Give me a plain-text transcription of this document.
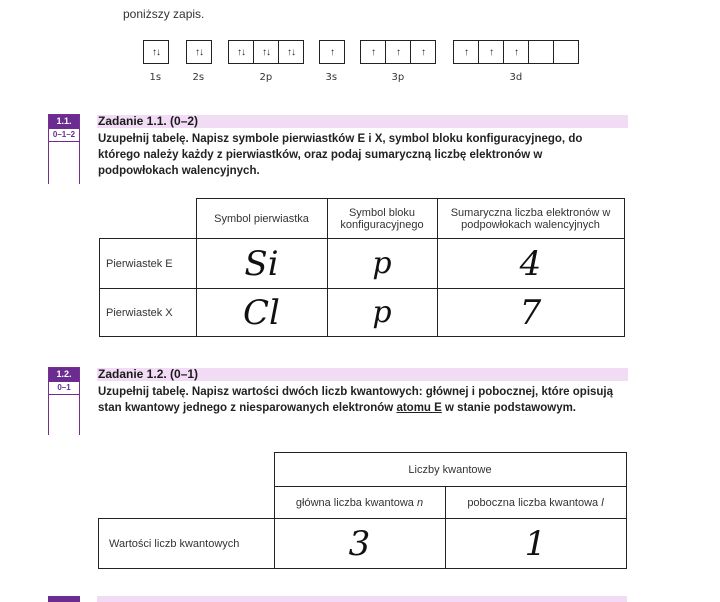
poniższy zapis.
↑↓
1s
↑↓
2s
↑↓	↑↓	↑↓
2p
↑
3s
↑	↑	↑
3p
↑	↑	↑
3d
1.1.
0–1–2
Zadanie 1.1. (0–2)
Uzupełnij tabelę. Napisz symbole pierwiastków E i X, symbol bloku konfiguracyjnego, do którego należy każdy z pierwiastków, oraz podaj sumaryczną liczbę elektronów w podpowłokach walencyjnych.
	Symbol pierwiastka	Symbol bloku konfiguracyjnego	Sumaryczna liczba elektronów w podpowłokach walencyjnych
Pierwiastek E	Si	p	4
Pierwiastek X	Cl	p	7
1.2.
0–1
Zadanie 1.2. (0–1)
Uzupełnij tabelę. Napisz wartości dwóch liczb kwantowych: głównej i pobocznej, które opisują stan kwantowy jednego z niesparowanych elektronów atomu E w stanie podstawowym.
	Liczby kwantowe	
	główna liczba kwantowa n	poboczna liczba kwantowa l
Wartości liczb kwantowych	3	1
